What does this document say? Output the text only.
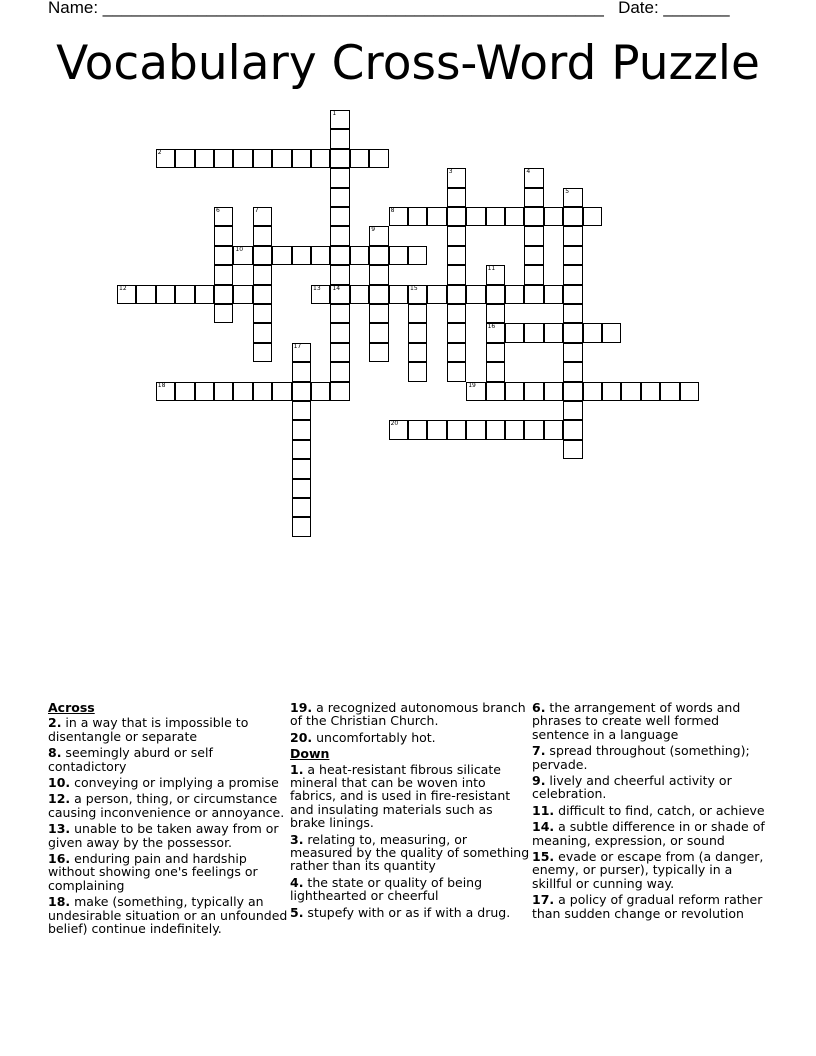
Name: _____________________________________________________ Date: _______
Vocabulary Cross-Word Puzzle
1
14
2
3	4
5
6	7	8
9
10
11
16
12	13	15
17
18	19
20
Across
2. in a way that is impossible to disentangle or separate
8. seemingly aburd or self contadictory
10. conveying or implying a promise
12. a person, thing, or circumstance causing inconvenience or annoyance.
13. unable to be taken away from or given away by the possessor.
16. enduring pain and hardship without showing one's feelings or complaining
18. make (something, typically an undesirable situation or an unfounded belief) continue indefinitely.
19. a recognized autonomous branch of the Christian Church.
20. uncomfortably hot.
Down
1. a heat-resistant fibrous silicate mineral that can be woven into fabrics, and is used in fire-resistant and insulating materials such as brake linings.
3. relating to, measuring, or measured by the quality of something rather than its quantity
4. the state or quality of being lighthearted or cheerful
5. stupefy with or as if with a drug.
6. the arrangement of words and phrases to create well formed sentence in a language
7. spread throughout (something); pervade.
9. lively and cheerful activity or celebration.
11. difficult to find, catch, or achieve
14. a subtle difference in or shade of meaning, expression, or sound
15. evade or escape from (a danger, enemy, or purser), typically in a skillful or cunning way.
17. a policy of gradual reform rather than sudden change or revolution
